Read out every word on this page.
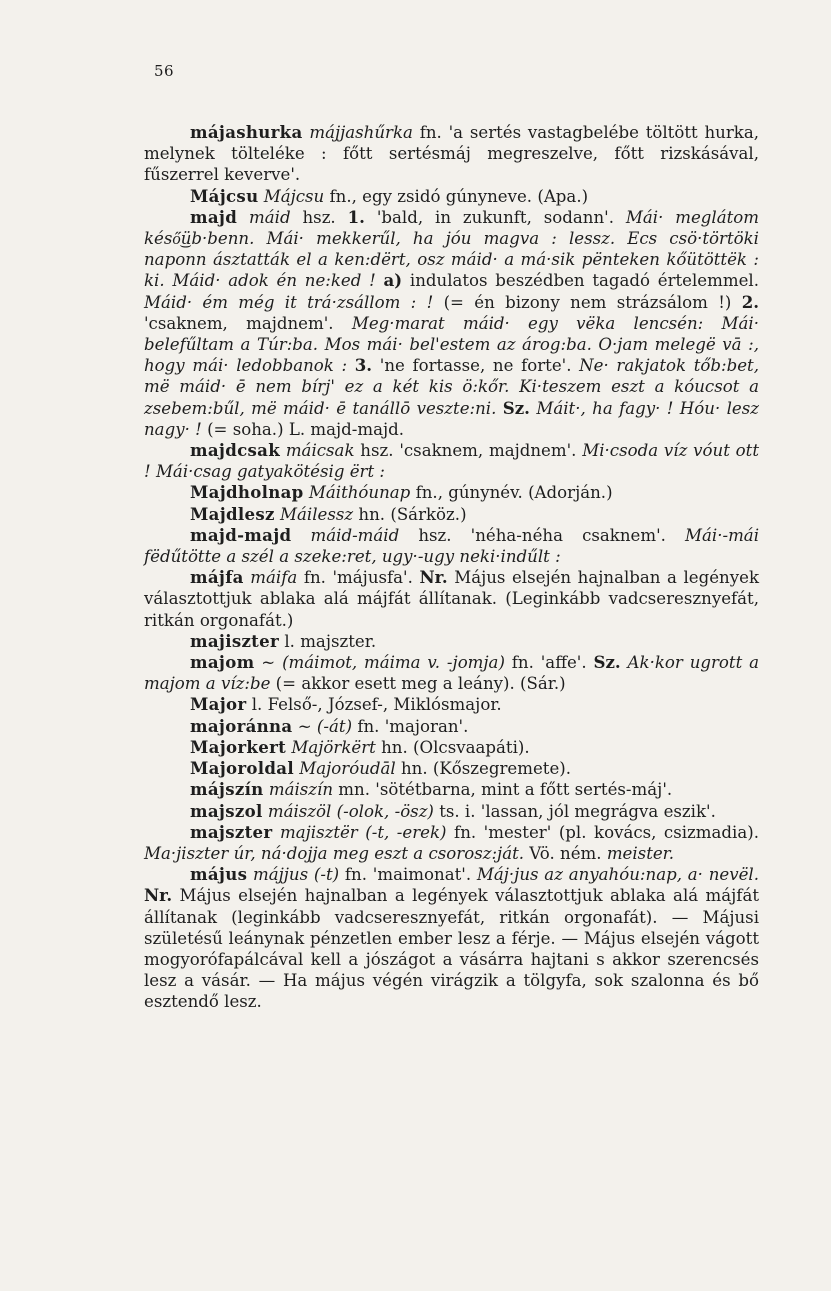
56

májashurka májjashűrka fn. 'a sertés vastagbelébe töltött hurka, melynek tölteléke : főtt sertésmáj megreszelve, főtt rizskásával, fűszerrel keverve'.

Májcsu Májcsu fn., egy zsidó gúnyneve. (Apa.)

majd máid hsz. 1. 'bald, in zukunft, sodann'. Mái· meglátom késő͜üb·benn. Mái· mekkerűl, ha jóu magva : lessz. Ecs csö·törtöki naponn ásztatták el a ken:dërt, osz máid· a má·sik pënteken kőütöttëk : ki. Máid· adok én ne:ked ! a) indulatos beszédben tagadó értelemmel. Máid· ém még it trá·zsállom : ! (= én bizony nem strázsálom !) 2. 'csaknem, majdnem'. Meg·marat máid· egy vëka lencsén: Mái· belefűltam a Túr:ba. Mos mái· bel'estem az árog:ba. O·jam melegë vā :, hogy mái· ledobbanok : 3. 'ne fortasse, ne forte'. Ne· rakjatok tőb:bet, më máid· ē nem bírj' ez a két kis ö:kőr. Ki·teszem eszt a kóucsot a zsebem:bűl, më máid· ē tanállō veszte:ni. Sz. Máit·, ha fagy· ! Hóu· lesz nagy· ! (= soha.) L. majd-majd.

majdcsak máicsak hsz. 'csaknem, majdnem'. Mi·csoda víz vóut ott ! Mái·csag gatyakötésig ërt :

Majdholnap Máithóunap fn., gúnynév. (Adorján.)

Majdlesz Máilessz hn. (Sárköz.)

majd-majd máid-máid hsz. 'néha-néha csaknem'. Mái·-mái fëdűtötte a szél a szeke:ret, ugy·-ugy neki·indűlt :

májfa máifa fn. 'májusfa'. Nr. Május elsején hajnalban a legények választottjuk ablaka alá májfát állítanak. (Leginkább vadcseresznyefát, ritkán orgonafát.)

majiszter l. majszter.

majom ~ (máimot, máima v. -jomja) fn. 'affe'. Sz. Ak·kor ugrott a majom a víz:be (= akkor esett meg a leány). (Sár.)

Major l. Felső-, József-, Miklósmajor.

majoránna ~ (-át) fn. 'majoran'.

Majorkert Majörkërt hn. (Olcsvaapáti).

Majoroldal Majoróudāl hn. (Kőszegremete).

májszín máiszín mn. 'sötétbarna, mint a főtt sertés-máj'.

majszol máiszöl (-olok, -ösz) ts. i. 'lassan, jól megrágva eszik'.

majszter majisztër (-t, -erek) fn. 'mester' (pl. kovács, csizmadia). Ma·jiszter úr, ná·dojja meg eszt a csorosz:ját. Vö. ném. meister.

május májjus (-t) fn. 'maimonat'. Máj·jus az anyahóu:nap, a· nevël. Nr. Május elsején hajnalban a legények választottjuk ablaka alá májfát állítanak (leginkább vadcseresznyefát, ritkán orgonafát). — Májusi születésű leánynak pénzetlen ember lesz a férje. — Május elsején vágott mogyorófapálcával kell a jószágot a vásárra hajtani s akkor szerencsés lesz a vásár. — Ha május végén virágzik a tölgyfa, sok szalonna és bő esztendő lesz.
